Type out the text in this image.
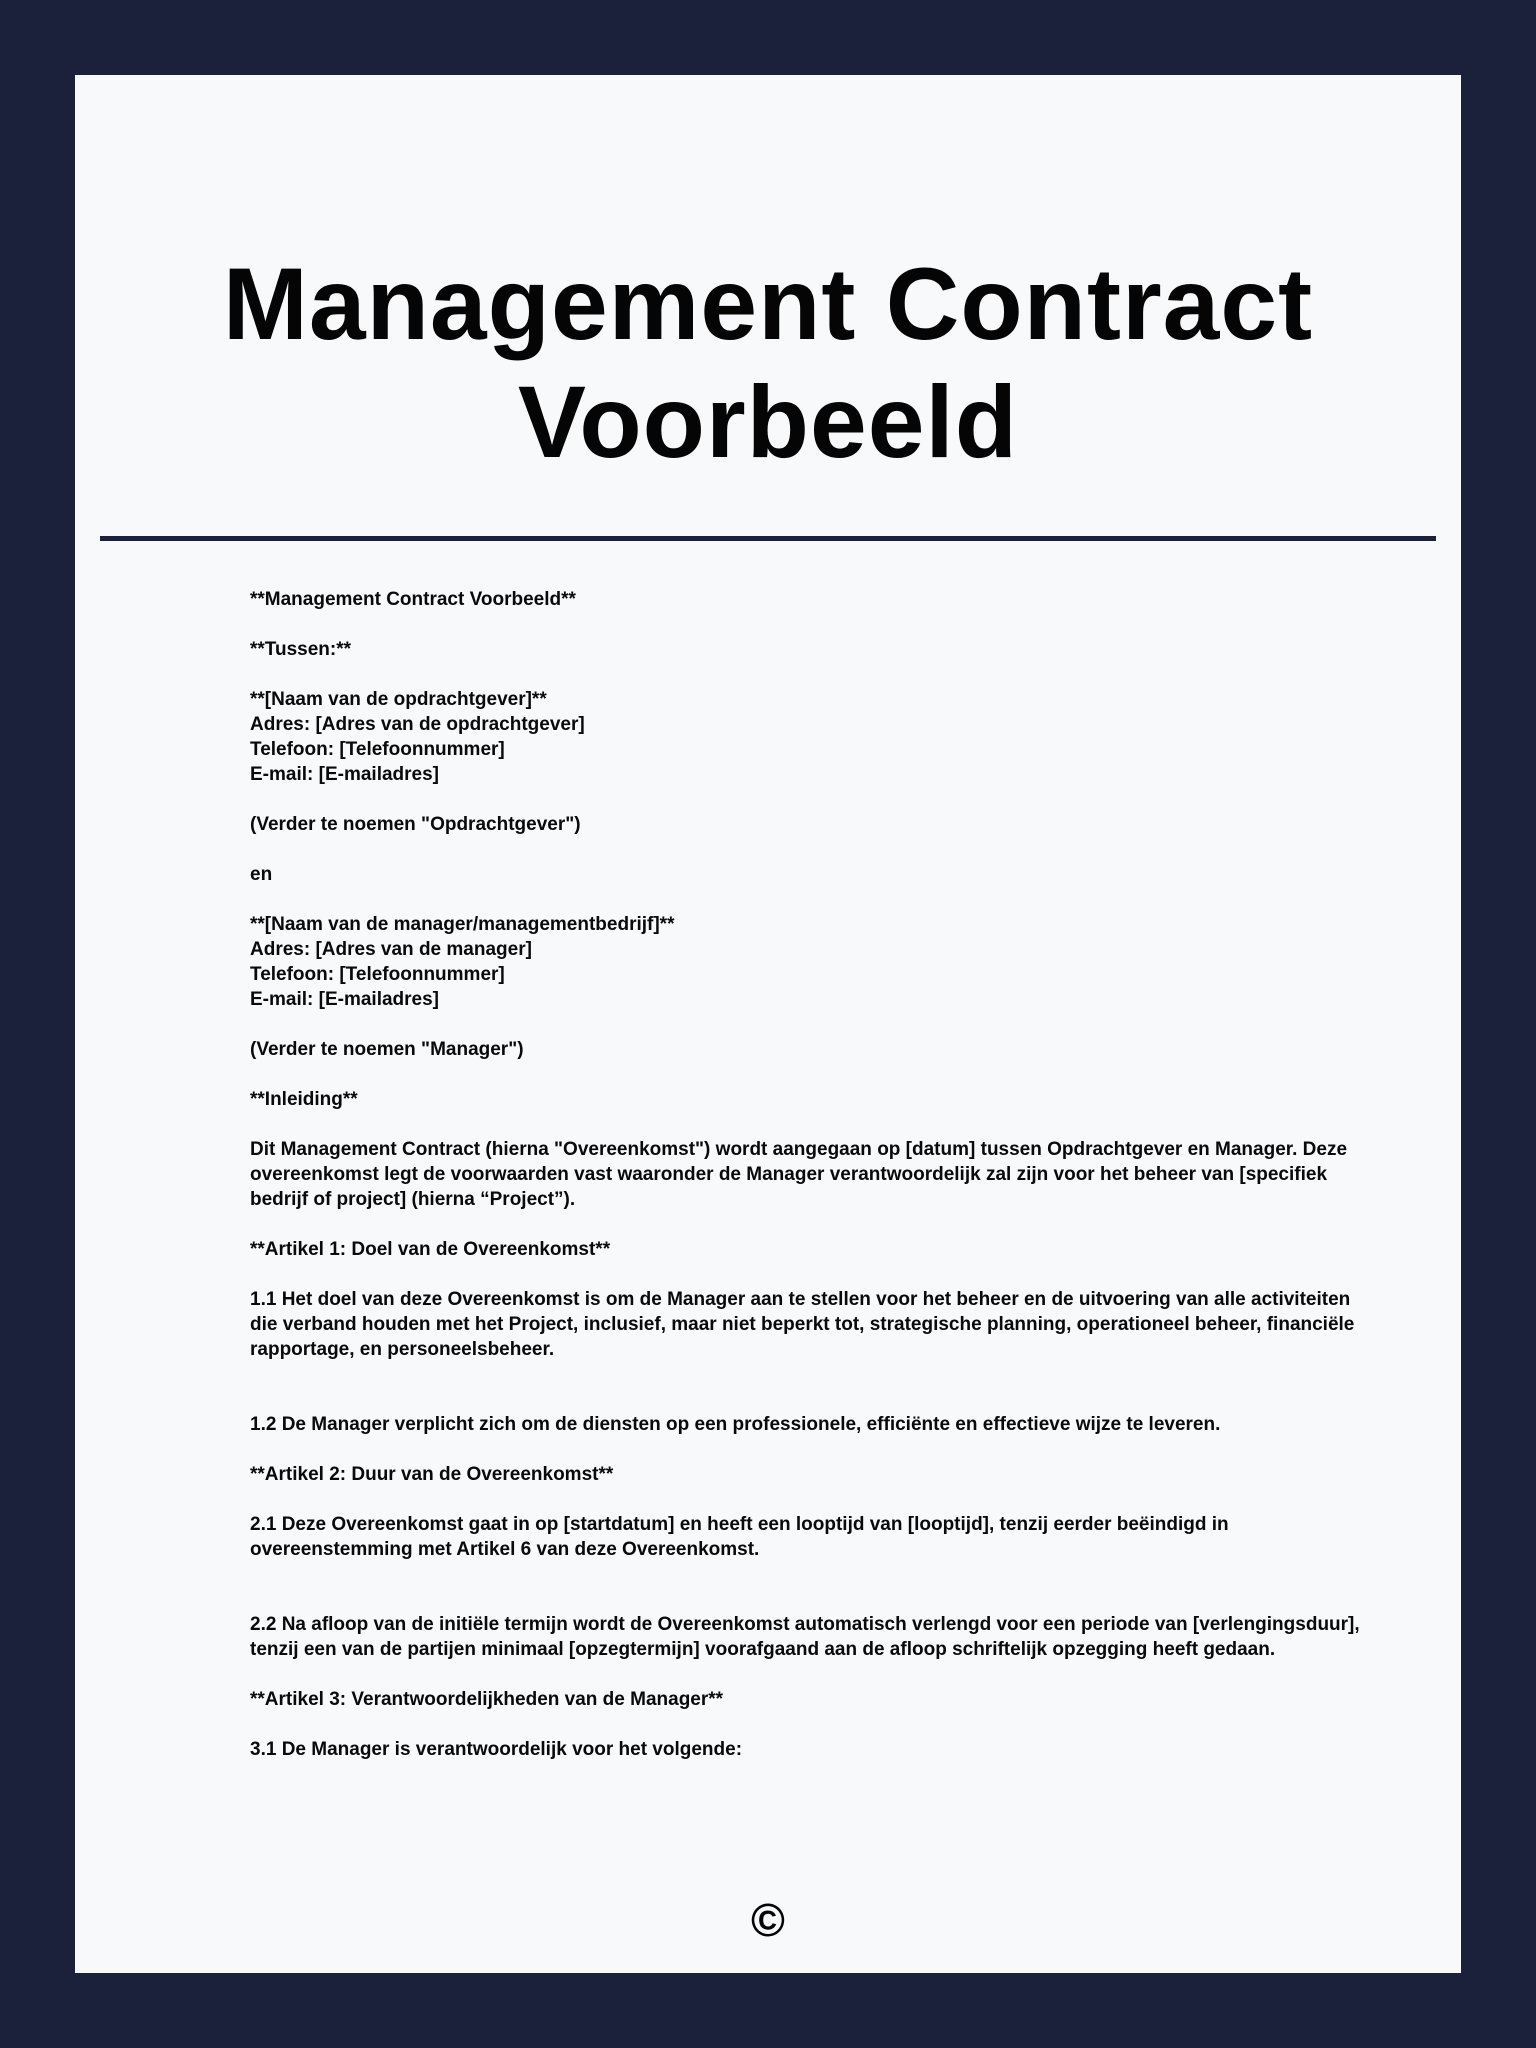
Management Contract
Voorbeeld

**Management Contract Voorbeeld**

**Tussen:**

**[Naam van de opdrachtgever]**
Adres: [Adres van de opdrachtgever]
Telefoon: [Telefoonnummer]
E-mail: [E-mailadres]

(Verder te noemen "Opdrachtgever")

en

**[Naam van de manager/managementbedrijf]**
Adres: [Adres van de manager]
Telefoon: [Telefoonnummer]
E-mail: [E-mailadres]

(Verder te noemen "Manager")

**Inleiding**

Dit Management Contract (hierna "Overeenkomst") wordt aangegaan op [datum] tussen Opdrachtgever en Manager. Deze overeenkomst legt de voorwaarden vast waaronder de Manager verantwoordelijk zal zijn voor het beheer van [specifiek bedrijf of project] (hierna “Project”).

**Artikel 1: Doel van de Overeenkomst**

1.1 Het doel van deze Overeenkomst is om de Manager aan te stellen voor het beheer en de uitvoering van alle activiteiten die verband houden met het Project, inclusief, maar niet beperkt tot, strategische planning, operationeel beheer, financiële rapportage, en personeelsbeheer.

1.2 De Manager verplicht zich om de diensten op een professionele, efficiënte en effectieve wijze te leveren.

**Artikel 2: Duur van de Overeenkomst**

2.1 Deze Overeenkomst gaat in op [startdatum] en heeft een looptijd van [looptijd], tenzij eerder beëindigd in overeenstemming met Artikel 6 van deze Overeenkomst.

2.2 Na afloop van de initiële termijn wordt de Overeenkomst automatisch verlengd voor een periode van [verlengingsduur], tenzij een van de partijen minimaal [opzegtermijn] voorafgaand aan de afloop schriftelijk opzegging heeft gedaan.

**Artikel 3: Verantwoordelijkheden van de Manager**

3.1 De Manager is verantwoordelijk voor het volgende:

©
